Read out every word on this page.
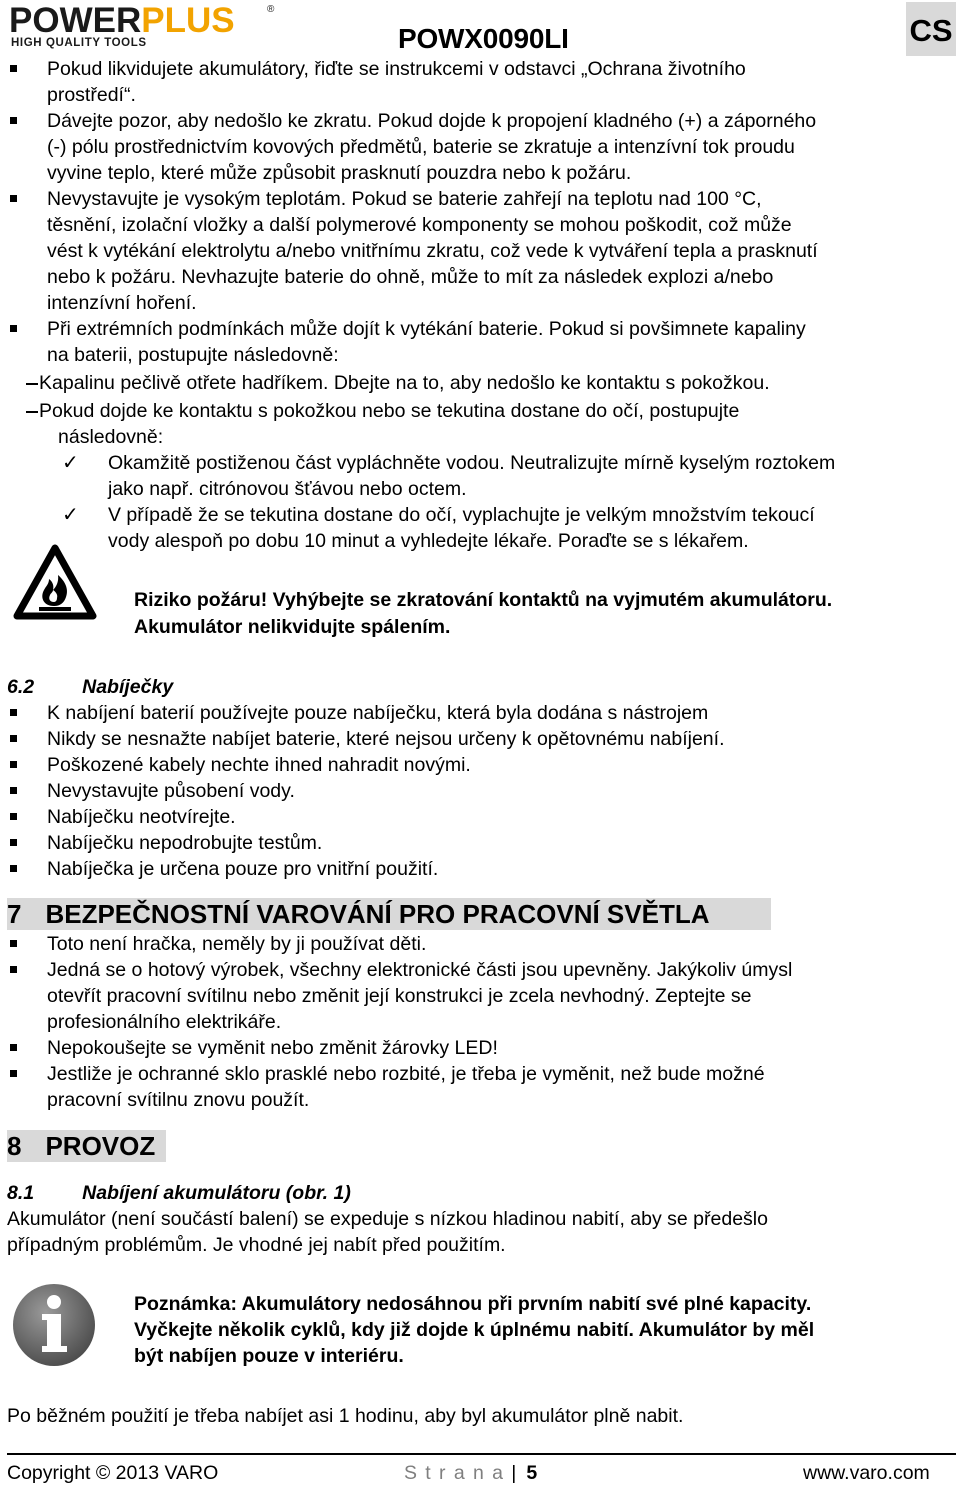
POWERPLUS	®
HIGH QUALITY TOOLS	POWX0090LI	CS
Pokud likvidujete akumulátory, řiďte se instrukcemi v odstavci „Ochrana životního
prostředí“.
Dávejte pozor, aby nedošlo ke zkratu. Pokud dojde k propojení kladného (+) a záporného
(-) pólu prostřednictvím kovových předmětů, baterie se zkratuje a intenzívní tok proudu
vyvine teplo, které může způsobit prasknutí pouzdra nebo k požáru.
Nevystavujte je vysokým teplotám. Pokud se baterie zahřejí na teplotu nad 100 °C,
těsnění, izolační vložky a další polymerové komponenty se mohou poškodit, což může
vést k vytékání elektrolytu a/nebo vnitřnímu zkratu, což vede k vytváření tepla a prasknutí
nebo k požáru. Nevhazujte baterie do ohně, může to mít za následek explozi a/nebo
intenzívní hoření.
Při extrémních podmínkách může dojít k vytékání baterie. Pokud si povšimnete kapaliny
na baterii, postupujte následovně:
Kapalinu pečlivě otřete hadříkem. Dbejte na to, aby nedošlo ke kontaktu s pokožkou.
Pokud dojde ke kontaktu s pokožkou nebo se tekutina dostane do očí, postupujte
následovně:
✓ Okamžitě postiženou část vypláchněte vodou. Neutralizujte mírně kyselým roztokem
jako např. citrónovou šťávou nebo octem.
✓ V případě že se tekutina dostane do očí, vyplachujte je velkým množstvím tekoucí
vody alespoň po dobu 10 minut a vyhledejte lékaře. Poraďte se s lékařem.
Riziko požáru! Vyhýbejte se zkratování kontaktů na vyjmutém akumulátoru.
Akumulátor nelikvidujte spálením.
6.2 Nabíječky
K nabíjení baterií používejte pouze nabíječku, která byla dodána s nástrojem
Nikdy se nesnažte nabíjet baterie, které nejsou určeny k opětovnému nabíjení.
Poškozené kabely nechte ihned nahradit novými.
Nevystavujte působení vody.
Nabíječku neotvírejte.
Nabíječku nepodrobujte testům.
Nabíječka je určena pouze pro vnitřní použití.
7 BEZPEČNOSTNÍ VAROVÁNÍ PRO PRACOVNÍ SVĚTLA
Toto není hračka, neměly by ji používat děti.
Jedná se o hotový výrobek, všechny elektronické části jsou upevněny. Jakýkoliv úmysl
otevřít pracovní svítilnu nebo změnit její konstrukci je zcela nevhodný. Zeptejte se
profesionálního elektrikáře.
Nepokoušejte se vyměnit nebo změnit žárovky LED!
Jestliže je ochranné sklo prasklé nebo rozbité, je třeba je vyměnit, než bude možné
pracovní svítilnu znovu použít.
8 PROVOZ
8.1 Nabíjení akumulátoru (obr. 1)
Akumulátor (není součástí balení) se expeduje s nízkou hladinou nabití, aby se předešlo
případným problémům. Je vhodné jej nabít před použitím.
Poznámka: Akumulátory nedosáhnou při prvním nabití své plné kapacity.
Vyčkejte několik cyklů, kdy již dojde k úplnému nabití. Akumulátor by měl
být nabíjen pouze v interiéru.
Po běžném použití je třeba nabíjet asi 1 hodinu, aby byl akumulátor plně nabit.
Copyright © 2013 VARO	Strana| 5	www.varo.com
